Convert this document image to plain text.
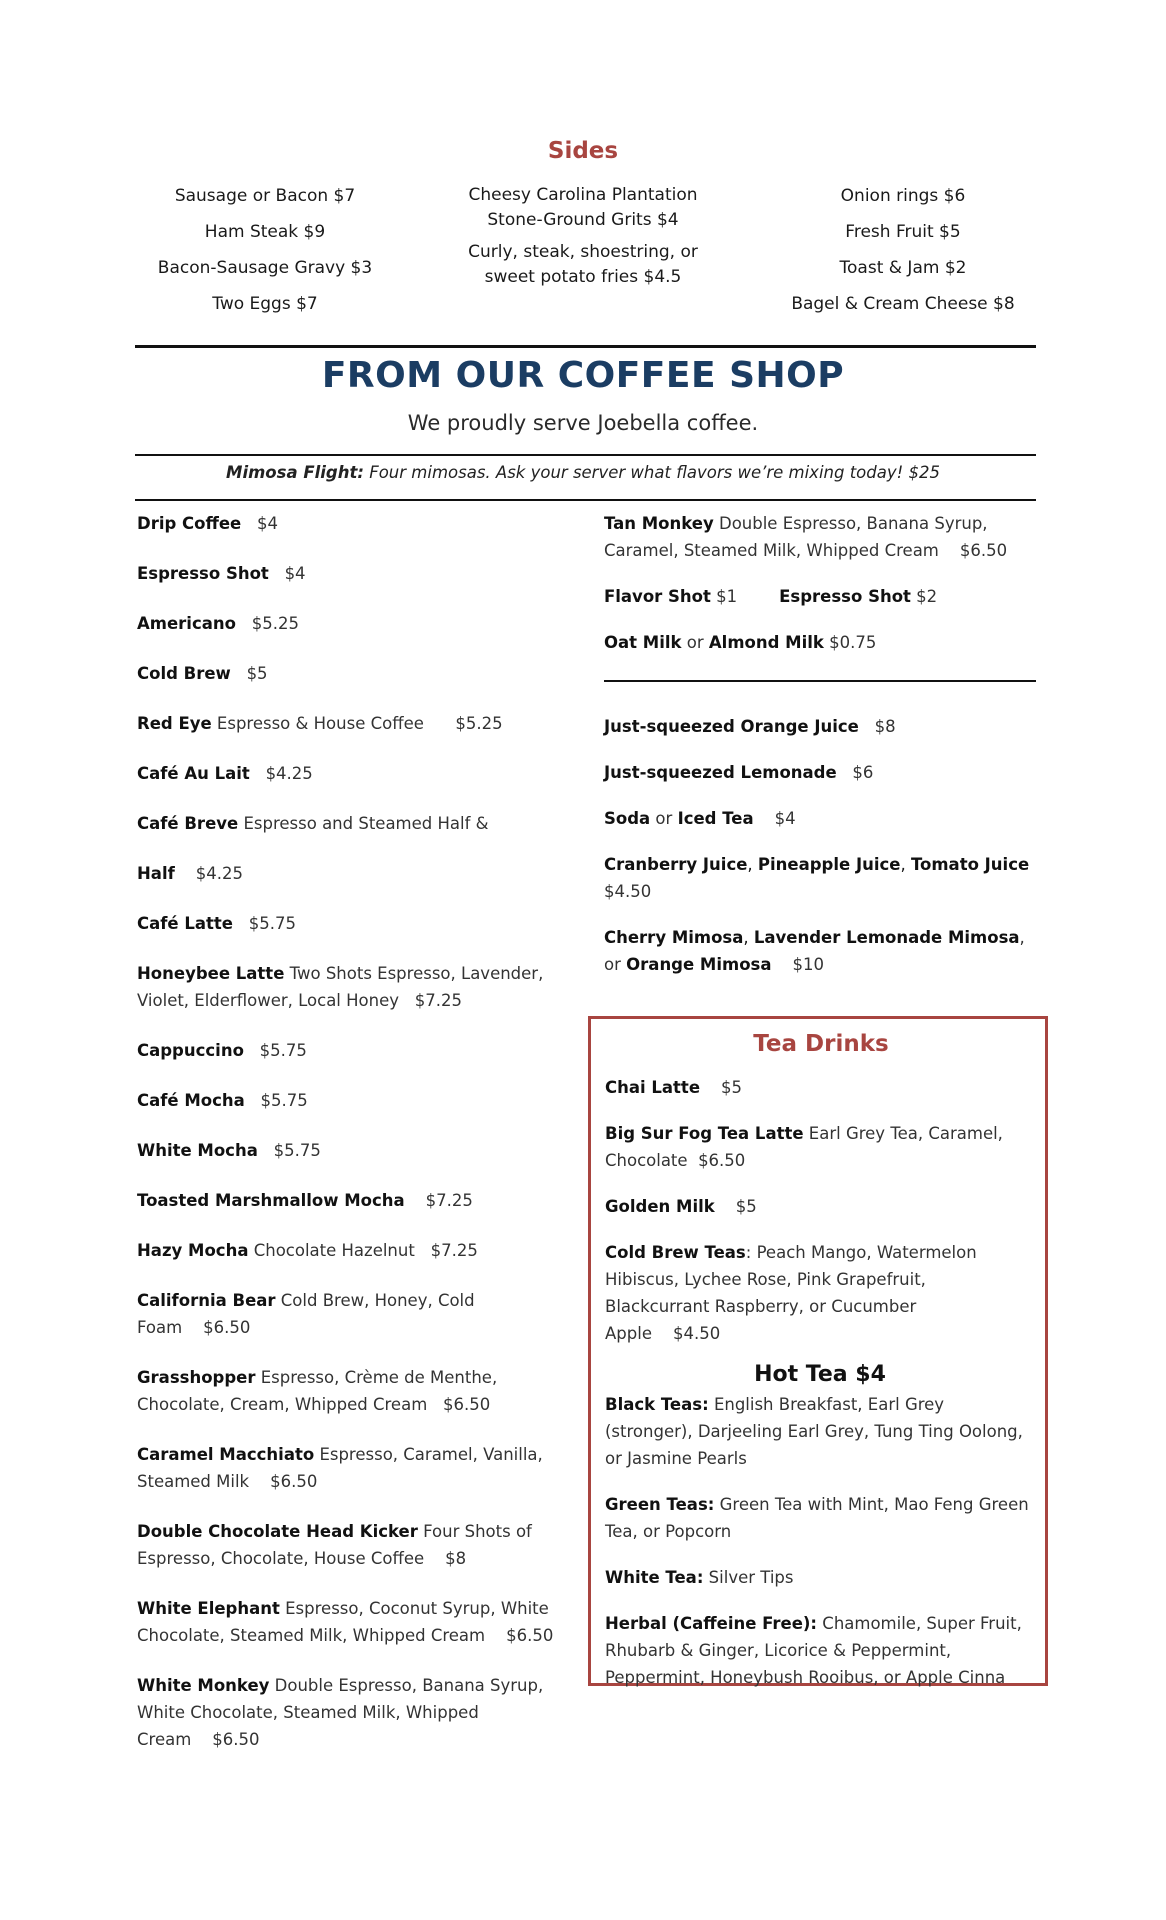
Sides
Sausage or Bacon $7
Ham Steak $9
Bacon-Sausage Gravy $3
Two Eggs $7
Cheesy Carolina Plantation
Stone-Ground Grits $4
Curly, steak, shoestring, or
sweet potato fries $4.5
Onion rings $6
Fresh Fruit $5
Toast & Jam $2
Bagel & Cream Cheese $8
FROM OUR COFFEE SHOP
We proudly serve Joebella coffee.
Mimosa Flight: Four mimosas. Ask your server what flavors we’re mixing today! $25
Drip Coffee $4
Espresso Shot $4
Americano $5.25
Cold Brew $5
Red Eye Espresso & House Coffee $5.25
Café Au Lait $4.25
Café Breve Espresso and Steamed Half &
Half $4.25
Café Latte $5.75
Honeybee Latte Two Shots Espresso, Lavender, Violet, Elderflower, Local Honey $7.25
Cappuccino $5.75
Café Mocha $5.75
White Mocha $5.75
Toasted Marshmallow Mocha $7.25
Hazy Mocha Chocolate Hazelnut $7.25
California Bear Cold Brew, Honey, Cold Foam $6.50
Grasshopper Espresso, Crème de Menthe, Chocolate, Cream, Whipped Cream $6.50
Caramel Macchiato Espresso, Caramel, Vanilla, Steamed Milk $6.50
Double Chocolate Head Kicker Four Shots of Espresso, Chocolate, House Coffee $8
White Elephant Espresso, Coconut Syrup, White Chocolate, Steamed Milk, Whipped Cream $6.50
White Monkey Double Espresso, Banana Syrup, White Chocolate, Steamed Milk, Whipped Cream $6.50
Tan Monkey Double Espresso, Banana Syrup, Caramel, Steamed Milk, Whipped Cream $6.50
Flavor Shot $1	Espresso Shot $2
Oat Milk or Almond Milk $0.75
Just-squeezed Orange Juice $8
Just-squeezed Lemonade $6
Soda or Iced Tea $4
Cranberry Juice, Pineapple Juice, Tomato Juice $4.50
Cherry Mimosa, Lavender Lemonade Mimosa, or Orange Mimosa $10
Tea Drinks
Chai Latte $5
Big Sur Fog Tea Latte Earl Grey Tea, Caramel, Chocolate $6.50
Golden Milk $5
Cold Brew Teas: Peach Mango, Watermelon Hibiscus, Lychee Rose, Pink Grapefruit, Blackcurrant Raspberry, or Cucumber Apple $4.50
Hot Tea $4
Black Teas: English Breakfast, Earl Grey (stronger), Darjeeling Earl Grey, Tung Ting Oolong, or Jasmine Pearls
Green Teas: Green Tea with Mint, Mao Feng Green Tea, or Popcorn
White Tea: Silver Tips
Herbal (Caffeine Free): Chamomile, Super Fruit, Rhubarb & Ginger, Licorice & Peppermint, Peppermint, Honeybush Rooibus, or Apple Cinna
